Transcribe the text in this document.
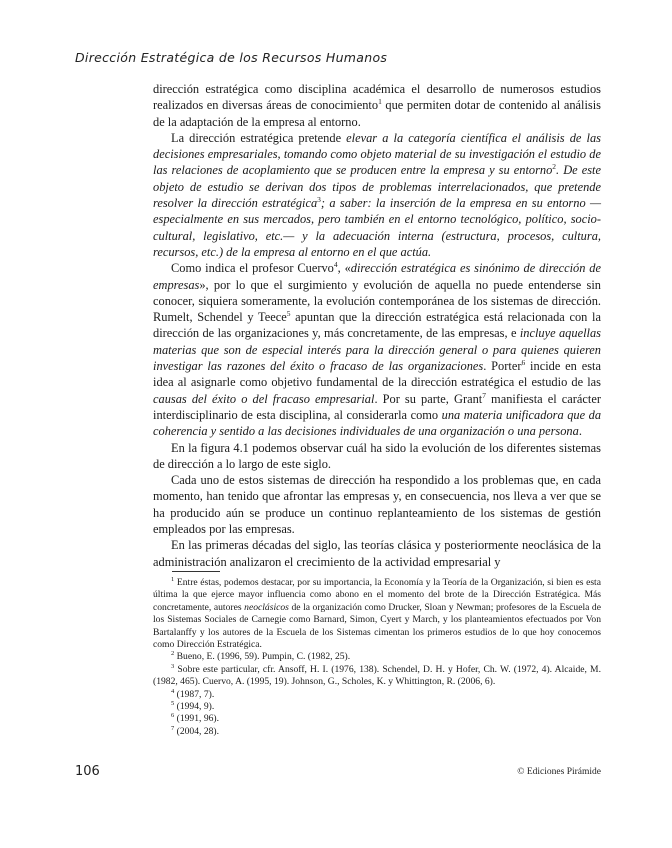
Dirección Estratégica de los Recursos Humanos

dirección estratégica como disciplina académica el desarrollo de numerosos estudios realizados en diversas áreas de conocimiento$^1$ que permiten dotar de contenido al análisis de la adaptación de la empresa al entorno.

La dirección estratégica pretende elevar a la categoría científica el análisis de las decisiones empresariales, tomando como objeto material de su investigación el estudio de las relaciones de acoplamiento que se producen entre la empresa y su entorno$^2$. De este objeto de estudio se derivan dos tipos de problemas interrelacionados, que pretende resolver la dirección estratégica$^3$; a saber: la inserción de la empresa en su entorno —especialmente en sus mercados, pero también en el entorno tecnológico, político, socio-cultural, legislativo, etc.— y la adecuación interna (estructura, procesos, cultura, recursos, etc.) de la empresa al entorno en el que actúa.

Como indica el profesor Cuervo$^4$, «dirección estratégica es sinónimo de dirección de empresas», por lo que el surgimiento y evolución de aquella no puede entenderse sin conocer, siquiera someramente, la evolución contemporánea de los sistemas de dirección. Rumelt, Schendel y Teece$^5$ apuntan que la dirección estratégica está relacionada con la dirección de las organizaciones y, más concretamente, de las empresas, e incluye aquellas materias que son de especial interés para la dirección general o para quienes quieren investigar las razones del éxito o fracaso de las organizaciones. Porter$^6$ incide en esta idea al asignarle como objetivo fundamental de la dirección estratégica el estudio de las causas del éxito o del fracaso empresarial. Por su parte, Grant$^7$ manifiesta el carácter interdisciplinario de esta disciplina, al considerarla como una materia unificadora que da coherencia y sentido a las decisiones individuales de una organización o una persona.

En la figura 4.1 podemos observar cuál ha sido la evolución de los diferentes sistemas de dirección a lo largo de este siglo.

Cada uno de estos sistemas de dirección ha respondido a los problemas que, en cada momento, han tenido que afrontar las empresas y, en consecuencia, nos lleva a ver que se ha producido aún se produce un continuo replanteamiento de los sistemas de gestión empleados por las empresas.

En las primeras décadas del siglo, las teorías clásica y posteriormente neoclásica de la administración analizaron el crecimiento de la actividad empresarial y

$^1$ Entre éstas, podemos destacar, por su importancia, la Economía y la Teoría de la Organización, si bien es esta última la que ejerce mayor influencia como abono en el momento del brote de la Dirección Estratégica. Más concretamente, autores neoclásicos de la organización como Drucker, Sloan y Newman; profesores de la Escuela de los Sistemas Sociales de Carnegie como Barnard, Simon, Cyert y March, y los planteamientos efectuados por Von Bartalanffy y los autores de la Escuela de los Sistemas cimentan los primeros estudios de lo que hoy conocemos como Dirección Estratégica.

$^2$ Bueno, E. (1996, 59). Pumpin, C. (1982, 25).

$^3$ Sobre este particular, cfr. Ansoff, H. I. (1976, 138). Schendel, D. H. y Hofer, Ch. W. (1972, 4). Alcaide, M. (1982, 465). Cuervo, A. (1995, 19). Johnson, G., Scholes, K. y Whittington, R. (2006, 6).

$^4$ (1987, 7).

$^5$ (1994, 9).

$^6$ (1991, 96).

$^7$ (2004, 28).

106	© Ediciones Pirámide
